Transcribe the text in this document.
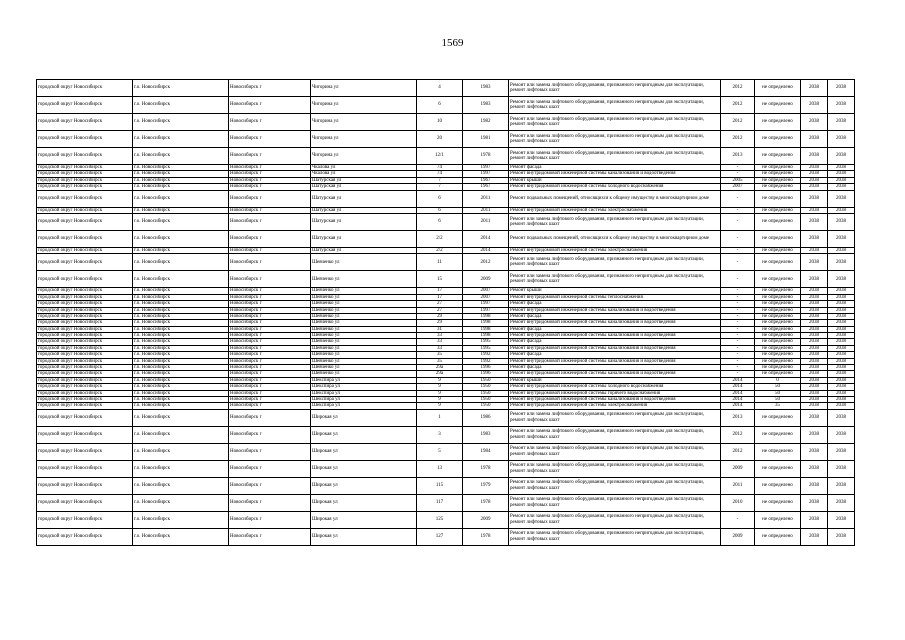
1569
городской округ Новосибирск	г.о. Новосибирск	Новосибирск г	Чигорина ул	4	1983	Ремонт или замена лифтового оборудования, признанного непригодным для эксплуатации, ремонт лифтовых шахт	2012	не определено	2038	2038
городской округ Новосибирск	г.о. Новосибирск	Новосибирск г	Чигорина ул	6	1983	Ремонт или замена лифтового оборудования, признанного непригодным для эксплуатации, ремонт лифтовых шахт	2012	не определено	2038	2038
городской округ Новосибирск	г.о. Новосибирск	Новосибирск г	Чигорина ул	10	1982	Ремонт или замена лифтового оборудования, признанного непригодным для эксплуатации, ремонт лифтовых шахт	2012	не определено	2038	2038
городской округ Новосибирск	г.о. Новосибирск	Новосибирск г	Чигорина ул	20	1981	Ремонт или замена лифтового оборудования, признанного непригодным для эксплуатации, ремонт лифтовых шахт	2012	не определено	2038	2038
городской округ Новосибирск	г.о. Новосибирск	Новосибирск г	Чигорина ул	12/1	1978	Ремонт или замена лифтового оборудования, признанного непригодным для эксплуатации, ремонт лифтовых шахт	2013	не определено	2038	2038
городской округ Новосибирск	г.о. Новосибирск	Новосибирск г	Чкалова ул	74	1997	Ремонт фасада	-	не определено	2038	2038
городской округ Новосибирск	г.о. Новосибирск	Новосибирск г	Чкалова ул	74	1997	Ремонт внутридомовой инженерной системы канализования и водоотведения	-	не определено	2038	2038
городской округ Новосибирск	г.о. Новосибирск	Новосибирск г	Шатурская ул	7	1967	Ремонт крыши	2005	не определено	2038	2038
городской округ Новосибирск	г.о. Новосибирск	Новосибирск г	Шатурская ул	7	1967	Ремонт внутридомовой инженерной системы холодного водоснабжения	2007	не определено	2038	2038
городской округ Новосибирск	г.о. Новосибирск	Новосибирск г	Шатурская ул	6	2011	Ремонт подвальных помещений, относящихся к общему имуществу в многоквартирном доме	-	не определено	2038	2038
городской округ Новосибирск	г.о. Новосибирск	Новосибирск г	Шатурская ул	6	2011	Ремонт внутридомовой инженерной системы электроснабжения	-	не определено	2038	2038
городской округ Новосибирск	г.о. Новосибирск	Новосибирск г	Шатурская ул	6	2011	Ремонт или замена лифтового оборудования, признанного непригодным для эксплуатации, ремонт лифтовых шахт	-	не определено	2038	2038
городской округ Новосибирск	г.о. Новосибирск	Новосибирск г	Шатурская ул	2/2	2014	Ремонт подвальных помещений, относящихся к общему имуществу в многоквартирном доме	-	не определено	2038	2038
городской округ Новосибирск	г.о. Новосибирск	Новосибирск г	Шатурская ул	2/2	2014	Ремонт внутридомовой инженерной системы электроснабжения	-	не определено	2038	2038
городской округ Новосибирск	г.о. Новосибирск	Новосибирск г	Шевченко ул	11	2012	Ремонт или замена лифтового оборудования, признанного непригодным для эксплуатации, ремонт лифтовых шахт	-	не определено	2038	2038
городской округ Новосибирск	г.о. Новосибирск	Новосибирск г	Шевченко ул	15	2009	Ремонт или замена лифтового оборудования, признанного непригодным для эксплуатации, ремонт лифтовых шахт	-	не определено	2038	2038
городской округ Новосибирск	г.о. Новосибирск	Новосибирск г	Шевченко ул	17	2007	Ремонт крыши	-	не определено	2038	2038
городской округ Новосибирск	г.о. Новосибирск	Новосибирск г	Шевченко ул	17	2007	Ремонт внутридомовой инженерной системы теплоснабжения	-	не определено	2038	2038
городской округ Новосибирск	г.о. Новосибирск	Новосибирск г	Шевченко ул	27	1997	Ремонт фасада	-	не определено	2038	2038
городской округ Новосибирск	г.о. Новосибирск	Новосибирск г	Шевченко ул	27	1997	Ремонт внутридомовой инженерной системы канализования и водоотведения	-	не определено	2038	2038
городской округ Новосибирск	г.о. Новосибирск	Новосибирск г	Шевченко ул	29	1998	Ремонт фасада	-	не определено	2038	2038
городской округ Новосибирск	г.о. Новосибирск	Новосибирск г	Шевченко ул	29	1998	Ремонт внутридомовой инженерной системы канализования и водоотведения	-	не определено	2038	2038
городской округ Новосибирск	г.о. Новосибирск	Новосибирск г	Шевченко ул	31	1998	Ремонт фасада	-	не определено	2038	2038
городской округ Новосибирск	г.о. Новосибирск	Новосибирск г	Шевченко ул	33	1998	Ремонт внутридомовой инженерной системы канализования и водоотведения	-	не определено	2038	2038
городской округ Новосибирск	г.о. Новосибирск	Новосибирск г	Шевченко ул	33	1995	Ремонт фасада	-	не определено	2038	2038
городской округ Новосибирск	г.о. Новосибирск	Новосибирск г	Шевченко ул	33	1995	Ремонт внутридомовой инженерной системы канализования и водоотведения	-	не определено	2038	2038
городской округ Новосибирск	г.о. Новосибирск	Новосибирск г	Шевченко ул	35	1992	Ремонт фасада	-	не определено	2038	2038
городской округ Новосибирск	г.о. Новосибирск	Новосибирск г	Шевченко ул	35	1992	Ремонт внутридомовой инженерной системы канализования и водоотведения	-	не определено	2038	2038
городской округ Новосибирск	г.о. Новосибирск	Новосибирск г	Шевченко ул	29а	1996	Ремонт фасада	-	не определено	2038	2038
городской округ Новосибирск	г.о. Новосибирск	Новосибирск г	Шевченко ул	29а	1996	Ремонт внутридомовой инженерной системы канализования и водоотведения	-	не определено	2038	2038
городской округ Новосибирск	г.о. Новосибирск	Новосибирск г	Шекспира ул	9	1950	Ремонт крыши	2014	0	2038	2038
городской округ Новосибирск	г.о. Новосибирск	Новосибирск г	Шекспира ул	9	1950	Ремонт внутридомовой инженерной системы холодного водоснабжения	2014	50	2038	2038
городской округ Новосибирск	г.о. Новосибирск	Новосибирск г	Шекспира ул	9	1950	Ремонт внутридомовой инженерной системы горячего водоснабжения	2014	50	2038	2038
городской округ Новосибирск	г.о. Новосибирск	Новосибирск г	Шекспира ул	9	1950	Ремонт внутридомовой инженерной системы канализования и водоотведения	2014	50	2038	2038
городской округ Новосибирск	г.о. Новосибирск	Новосибирск г	Шекспира ул	9	1950	Ремонт внутридомовой инженерной системы электроснабжения	2014	35	2038	2038
городской округ Новосибирск	г.о. Новосибирск	Новосибирск г	Широкая ул	1	1986	Ремонт или замена лифтового оборудования, признанного непригодным для эксплуатации, ремонт лифтовых шахт	2013	не определено	2038	2038
городской округ Новосибирск	г.о. Новосибирск	Новосибирск г	Широкая ул	3	1983	Ремонт или замена лифтового оборудования, признанного непригодным для эксплуатации, ремонт лифтовых шахт	2012	не определено	2038	2038
городской округ Новосибирск	г.о. Новосибирск	Новосибирск г	Широкая ул	5	1984	Ремонт или замена лифтового оборудования, признанного непригодным для эксплуатации, ремонт лифтовых шахт	2012	не определено	2038	2038
городской округ Новосибирск	г.о. Новосибирск	Новосибирск г	Широкая ул	13	1978	Ремонт или замена лифтового оборудования, признанного непригодным для эксплуатации, ремонт лифтовых шахт	2009	не определено	2038	2038
городской округ Новосибирск	г.о. Новосибирск	Новосибирск г	Широкая ул	115	1979	Ремонт или замена лифтового оборудования, признанного непригодным для эксплуатации, ремонт лифтовых шахт	2011	не определено	2038	2038
городской округ Новосибирск	г.о. Новосибирск	Новосибирск г	Широкая ул	117	1978	Ремонт или замена лифтового оборудования, признанного непригодным для эксплуатации, ремонт лифтовых шахт	2010	не определено	2038	2038
городской округ Новосибирск	г.о. Новосибирск	Новосибирск г	Широкая ул	125	2009	Ремонт или замена лифтового оборудования, признанного непригодным для эксплуатации, ремонт лифтовых шахт	-	не определено	2038	2038
городской округ Новосибирск	г.о. Новосибирск	Новосибирск г	Широкая ул	127	1978	Ремонт или замена лифтового оборудования, признанного непригодным для эксплуатации, ремонт лифтовых шахт	2009	не определено	2038	2038
